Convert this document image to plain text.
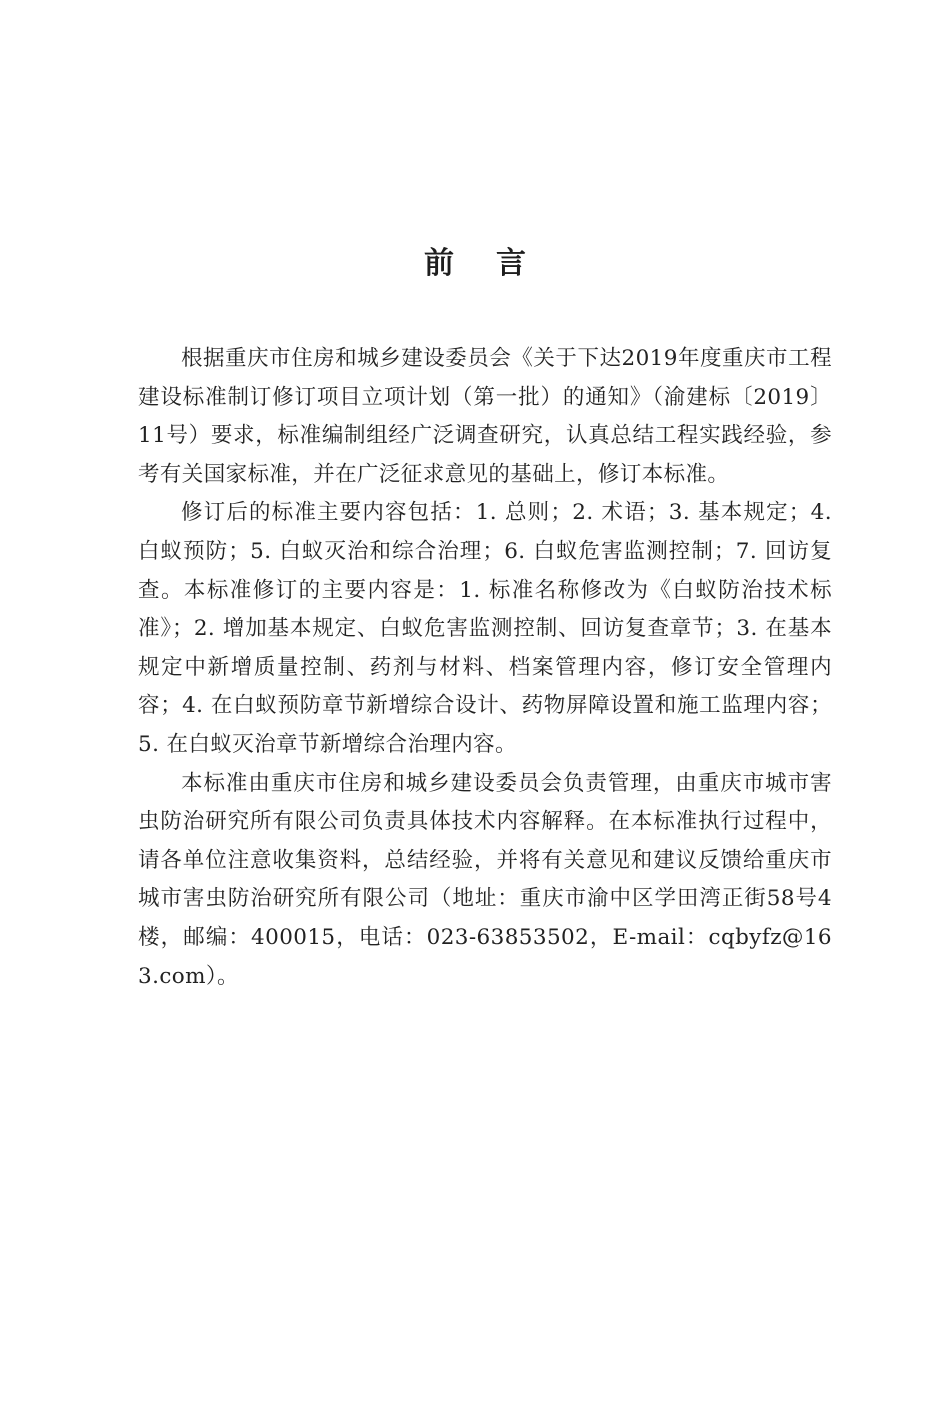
前言

根据重庆市住房和城乡建设委员会《关于下达2019年度重庆市工程建设标准制订修订项目立项计划（第一批）的通知》（渝建标〔2019〕11号）要求，标准编制组经广泛调查研究，认真总结工程实践经验，参考有关国家标准，并在广泛征求意见的基础上，修订本标准。

修订后的标准主要内容包括：1. 总则；2. 术语；3. 基本规定；4. 白蚁预防；5. 白蚁灭治和综合治理；6. 白蚁危害监测控制；7. 回访复查。本标准修订的主要内容是：1. 标准名称修改为《白蚁防治技术标准》；2. 增加基本规定、白蚁危害监测控制、回访复查章节；3. 在基本规定中新增质量控制、药剂与材料、档案管理内容，修订安全管理内容；4. 在白蚁预防章节新增综合设计、药物屏障设置和施工监理内容；5. 在白蚁灭治章节新增综合治理内容。

本标准由重庆市住房和城乡建设委员会负责管理，由重庆市城市害虫防治研究所有限公司负责具体技术内容解释。在本标准执行过程中，请各单位注意收集资料，总结经验，并将有关意见和建议反馈给重庆市城市害虫防治研究所有限公司（地址：重庆市渝中区学田湾正街58号4楼，邮编：400015，电话：023-63853502，E-mail：cqbyfz@163.com）。
